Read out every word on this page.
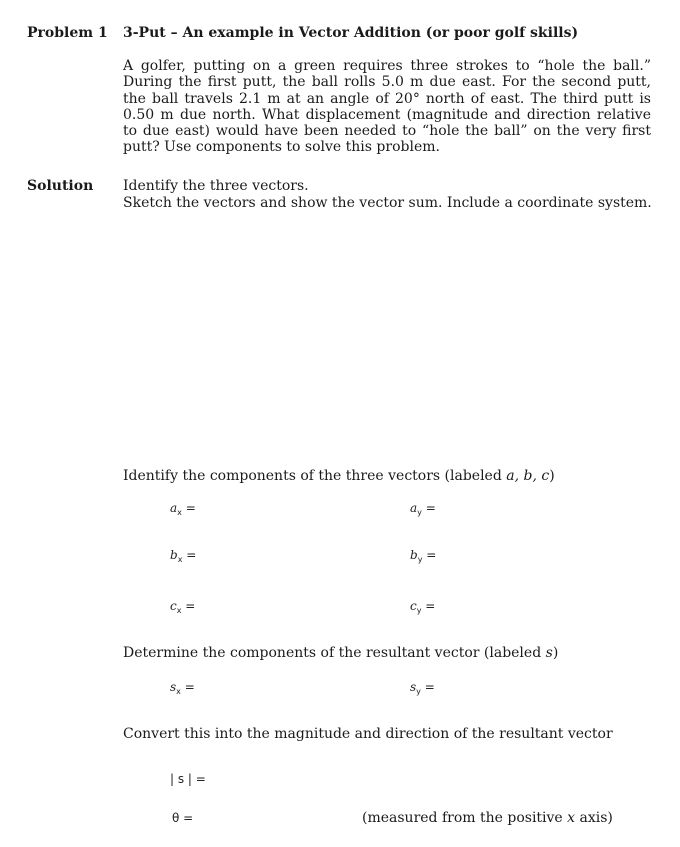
Problem 1 3-Put – An example in Vector Addition (or poor golf skills)
A golfer, putting on a green requires three strokes to “hole the ball.” During the first putt, the ball rolls 5.0 m due east. For the second putt, the ball travels 2.1 m at an angle of 20° north of east. The third putt is 0.50 m due north. What displacement (magnitude and direction relative to due east) would have been needed to “hole the ball” on the very first putt? Use components to solve this problem.
Solution Identify the three vectors.
Sketch the vectors and show the vector sum. Include a coordinate system.
Identify the components of the three vectors (labeled a, b, c)
$a_x$ =	$a_y$ =
$b_x$ =	$b_y$ =
$c_x$ =	$c_y$ =
Determine the components of the resultant vector (labeled s)
$s_x$ =	$s_y$ =
Convert this into the magnitude and direction of the resultant vector
| s | =
θ =	(measured from the positive x axis)
